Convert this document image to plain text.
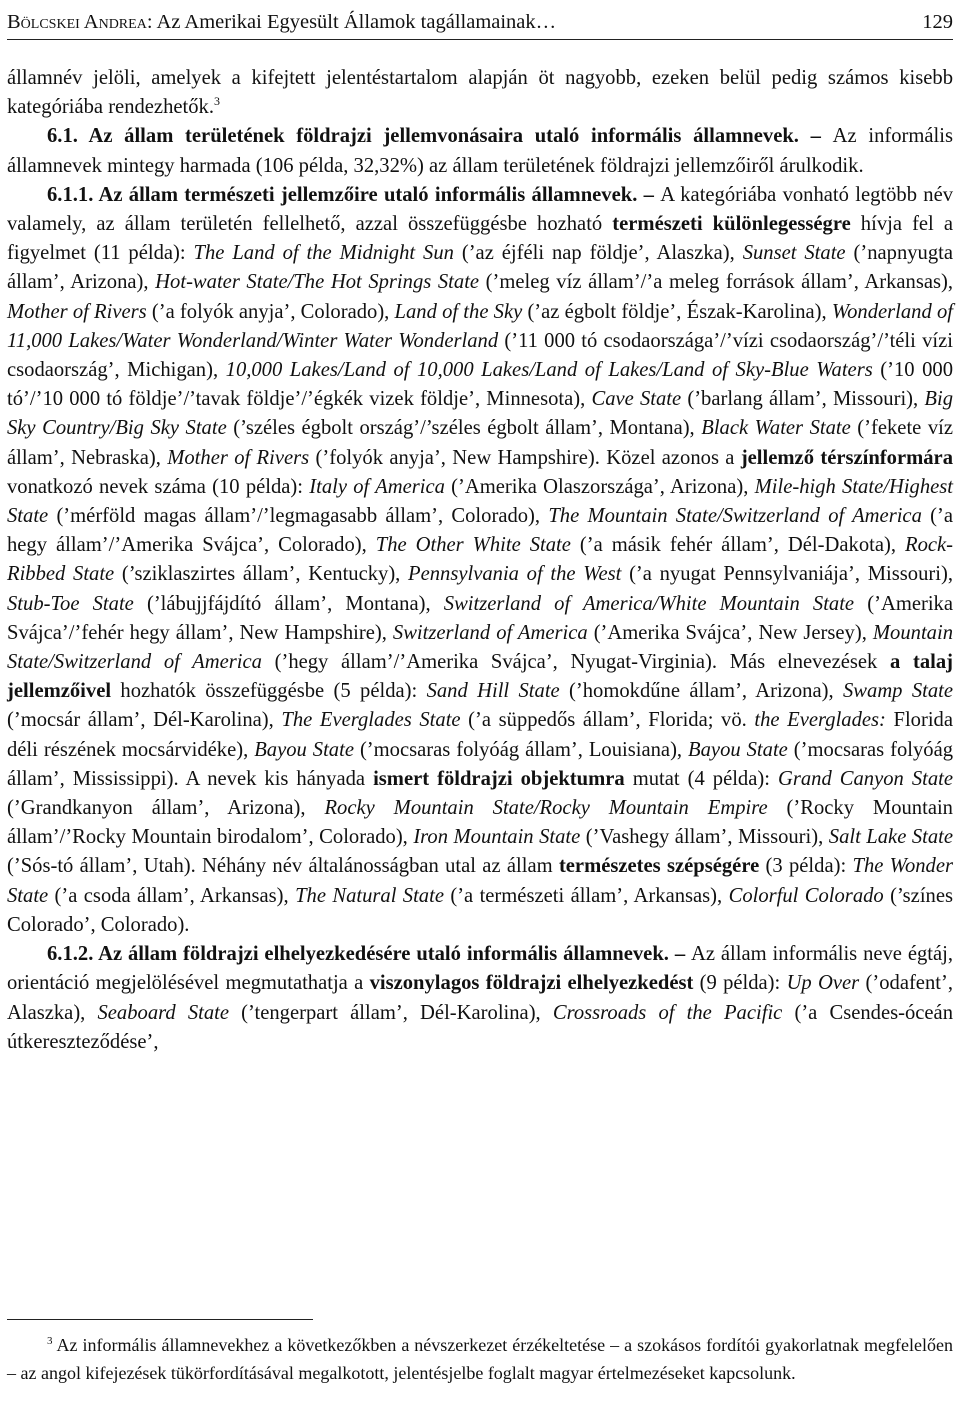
Bölcskei Andrea: Az Amerikai Egyesült Államok tagállamainak…	129

államnév jelöli, amelyek a kifejtett jelentéstartalom alapján öt nagyobb, ezeken belül pedig számos kisebb kategóriába rendezhetők.$^3$

6.1. Az állam területének földrajzi jellemvonásaira utaló informális államnevek. – Az informális államnevek mintegy harmada (106 példa, 32,32%) az állam területének földrajzi jellemzőiről árulkodik.

6.1.1. Az állam természeti jellemzőire utaló informális államnevek. – A kategóriába vonható legtöbb név valamely, az állam területén fellelhető, azzal összefüggésbe hozható természeti különlegességre hívja fel a figyelmet (11 példa): The Land of the Midnight Sun (’az éjféli nap földje’, Alaszka), Sunset State (’napnyugta állam’, Arizona), Hot-water State/The Hot Springs State (’meleg víz állam’/’a meleg források állam’, Arkansas), Mother of Rivers (’a folyók anyja’, Colorado), Land of the Sky (’az égbolt földje’, Észak-Karolina), Wonderland of 11,000 Lakes/Water Wonderland/Winter Water Wonderland (’11 000 tó csodaországa’/’vízi csodaország’/’téli vízi csodaország’, Michigan), 10,000 Lakes/Land of 10,000 Lakes/Land of Lakes/Land of Sky-Blue Waters (’10 000 tó’/’10 000 tó földje’/’tavak földje’/’égkék vizek földje’, Minnesota), Cave State (’barlang állam’, Missouri), Big Sky Country/Big Sky State (’széles égbolt ország’/’széles égbolt állam’, Montana), Black Water State (’fekete víz állam’, Nebraska), Mother of Rivers (’folyók anyja’, New Hampshire). Közel azonos a jellemző térszínformára vonatkozó nevek száma (10 példa): Italy of America (’Amerika Olaszországa’, Arizona), Mile-high State/Highest State (’mérföld magas állam’/’legmagasabb állam’, Colorado), The Mountain State/Switzerland of America (’a hegy állam’/’Amerika Svájca’, Colorado), The Other White State (’a másik fehér állam’, Dél-Dakota), Rock-Ribbed State (’sziklaszirtes állam’, Kentucky), Pennsylvania of the West (’a nyugat Pennsylvaniája’, Missouri), Stub-Toe State (’lábujjfájdító állam’, Montana), Switzerland of America/White Mountain State (’Amerika Svájca’/’fehér hegy állam’, New Hampshire), Switzerland of America (’Amerika Svájca’, New Jersey), Mountain State/Switzerland of America (’hegy állam’/’Amerika Svájca’, Nyugat-Virginia). Más elnevezések a talaj jellemzőivel hozhatók összefüggésbe (5 példa): Sand Hill State (’homokdűne állam’, Arizona), Swamp State (’mocsár állam’, Dél-Karolina), The Everglades State (’a süppedős állam’, Florida; vö. the Everglades: Florida déli részének mocsárvidéke), Bayou State (’mocsaras folyóág állam’, Louisiana), Bayou State (’mocsaras folyóág állam’, Mississippi). A nevek kis hányada ismert földrajzi objektumra mutat (4 példa): Grand Canyon State (’Grandkanyon állam’, Arizona), Rocky Mountain State/Rocky Mountain Empire (’Rocky Mountain állam’/’Rocky Mountain birodalom’, Colorado), Iron Mountain State (’Vashegy állam’, Missouri), Salt Lake State (’Sós-tó állam’, Utah). Néhány név általánosságban utal az állam természetes szépségére (3 példa): The Wonder State (’a csoda állam’, Arkansas), The Natural State (’a természeti állam’, Arkansas), Colorful Colorado (’színes Colorado’, Colorado).

6.1.2. Az állam földrajzi elhelyezkedésére utaló informális államnevek. – Az állam informális neve égtáj, orientáció megjelölésével megmutathatja a viszonylagos földrajzi elhelyezkedést (9 példa): Up Over (’odafent’, Alaszka), Seaboard State (’tengerpart állam’, Dél-Karolina), Crossroads of the Pacific (’a Csendes-óceán útkereszteződése’,

$^3$ Az informális államnevekhez a következőkben a névszerkezet érzékeltetése – a szokásos fordítói gyakorlatnak megfelelően – az angol kifejezések tükörfordításával megalkotott, jelentésjelbe foglalt magyar értelmezéseket kapcsolunk.
